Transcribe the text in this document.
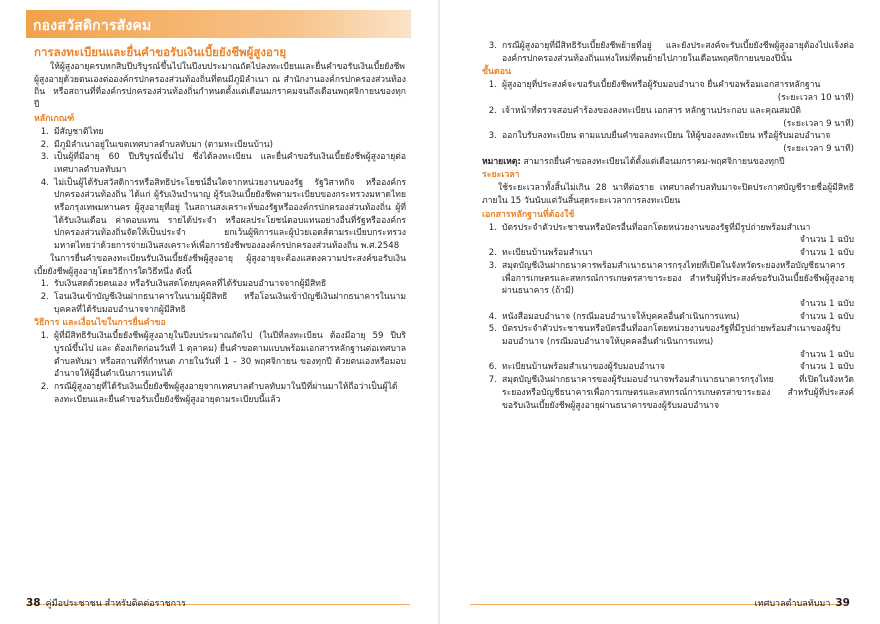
กองสวัสดิการสังคม
การลงทะเบียนและยื่นคำขอรับเงินเบี้ยยังชีพผู้สูงอายุ
ให้ผู้สูงอายุครบหกสิบปีบริบูรณ์ขึ้นไปในปีงบประมาณถัดไปลงทะเบียนและยื่นคำขอรับเงินเบี้ยยังชีพผู้สูงอายุด้วยตนเองต่อองค์กรปกครองส่วนท้องถิ่นที่ตนมีภูมิลำเนา ณ สำนักงานองค์กรปกครองส่วนท้องถิ่น หรือสถานที่ที่องค์กรปกครองส่วนท้องถิ่นกำหนดตั้งแต่เดือนมกราคมจนถึงเดือนพฤศจิกายนของทุกปี
หลักเกณฑ์
1. มีสัญชาติไทย
2. มีภูมิลำเนาอยู่ในเขตเทศบาลตำบลทับมา (ตามทะเบียนบ้าน)
3. เป็นผู้ที่มีอายุ 60 ปีบริบูรณ์ขึ้นไป ซึ่งได้ลงทะเบียน และยื่นคำขอรับเงินเบี้ยยังชีพผู้สูงอายุต่อเทศบาลตำบลทับมา
4. ไม่เป็นผู้ได้รับสวัสดิการหรือสิทธิประโยชน์อื่นใดจากหน่วยงานของรัฐ รัฐวิสาหกิจ หรือองค์กรปกครองส่วนท้องถิ่น ได้แก่ ผู้รับเงินบำนาญ ผู้รับเงินเบี้ยยังชีพตามระเบียบของกระทรวงมหาดไทย หรือกรุงเทพมหานคร ผู้สูงอายุที่อยู่ ในสถานสงเคราะห์ของรัฐหรือองค์กรปกครองส่วนท้องถิ่น ผู้ที่ได้รับเงินเดือน ค่าตอบแทน รายได้ประจำ หรือผลประโยชน์ตอบแทนอย่างอื่นที่รัฐหรือองค์กรปกครองส่วนท้องถิ่นจัดให้เป็นประจำ ยกเว้นผู้พิการและผู้ป่วยเอดส์ตามระเบียบกระทรวงมหาดไทยว่าด้วยการจ่ายเงินสงเคราะห์เพื่อการยังชีพขององค์กรปกครองส่วนท้องถิ่น พ.ศ.2548
ในการยื่นคำขอลงทะเบียนรับเงินเบี้ยยังชีพผู้สูงอายุ ผู้สูงอายุจะต้องแสดงความประสงค์ขอรับเงินเบี้ยยังชีพผู้สูงอายุโดยวิธีการใดวิธีหนึ่ง ดังนี้
1. รับเงินสดด้วยตนเอง หรือรับเงินสดโดยบุคคลที่ได้รับมอบอำนาจจากผู้มีสิทธิ
2. โอนเงินเข้าบัญชีเงินฝากธนาคารในนามผู้มีสิทธิ หรือโอนเงินเข้าบัญชีเงินฝากธนาคารในนามบุคคลที่ได้รับมอบอำนาจจากผู้มีสิทธิ
วิธีการ และเงื่อนไขในการยื่นคำขอ
1. ผู้ที่มีสิทธิรับเงินเบี้ยยังชีพผู้สูงอายุในปีงบประมาณถัดไป (ในปีที่ลงทะเบียน ต้องมีอายุ 59 ปีบริบูรณ์ขึ้นไป และ ต้องเกิดก่อนวันที่ 1 ตุลาคม) ยื่นคำขอตามแบบพร้อมเอกสารหลักฐานต่อเทศบาลตำบลทับมา หรือสถานที่ที่กำหนด ภายในวันที่ 1 – 30 พฤศจิกายน ของทุกปี ด้วยตนเองหรือมอบอำนาจให้ผู้อื่นดำเนินการแทนได้
2. กรณีผู้สูงอายุที่ได้รับเงินเบี้ยยังชีพผู้สูงอายุจากเทศบาลตำบลทับมาในปีที่ผ่านมาให้ถือว่าเป็นผู้ได้ลงทะเบียนและยื่นคำขอรับเบี้ยยังชีพผู้สูงอายุตามระเบียบนี้แล้ว
38 คู่มือประชาชน สำหรับติดต่อราชการ
3. กรณีผู้สูงอายุที่มีสิทธิรับเบี้ยยังชีพย้ายที่อยู่ และยังประสงค์จะรับเบี้ยยังชีพผู้สูงอายุต้องไปแจ้งต่อองค์กรปกครองส่วนท้องถิ่นแห่งใหม่ที่ตนย้ายไปภายในเดือนพฤศจิกายนของปีนั้น
ขั้นตอน
1. ผู้สูงอายุที่ประสงค์จะขอรับเบี้ยยังชีพหรือผู้รับมอบอำนาจ ยื่นคำขอพร้อมเอกสารหลักฐาน
(ระยะเวลา 10 นาที)
2. เจ้าหน้าที่ตรวจสอบคำร้องของลงทะเบียน เอกสาร หลักฐานประกอบ และคุณสมบัติ
(ระยะเวลา 9 นาที)
3. ออกใบรับลงทะเบียน ตามแบบยื่นคำขอลงทะเบียน ให้ผู้ของลงทะเบียน หรือผู้รับมอบอำนาจ
(ระยะเวลา 9 นาที)
หมายเหตุ: สามารถยื่นคำขอลงทะเบียนได้ตั้งแต่เดือนมกราคม-พฤศจิกายนของทุกปี
ระยะเวลา
ใช้ระยะเวลาทั้งสิ้นไม่เกิน 28 นาทีต่อราย เทศบาลตำบลทับมาจะปิดประกาศบัญชีรายชื่อผู้มีสิทธิภายใน 15 วันนับแต่วันสิ้นสุดระยะเวลาการลงทะเบียน
เอกสารหลักฐานที่ต้องใช้
1. บัตรประจำตัวประชาชนหรือบัตรอื่นที่ออกโดยหน่วยงานของรัฐที่มีรูปถ่ายพร้อมสำเนา
จำนวน 1 ฉบับ
2. ทะเบียนบ้านพร้อมสำเนา	จำนวน 1 ฉบับ
3. สมุดบัญชีเงินฝากธนาคารพร้อมสำเนาธนาคารกรุงไทยที่เปิดในจังหวัดระยองหรือบัญชีธนาคารเพื่อการเกษตรและสหกรณ์การเกษตรสาขาระยอง สำหรับผู้ที่ประสงค์ขอรับเงินเบี้ยยังชีพผู้สูงอายุผ่านธนาคาร (ถ้ามี)
จำนวน 1 ฉบับ
4. หนังสือมอบอำนาจ (กรณีมอบอำนาจให้บุคคลอื่นดำเนินการแทน)	จำนวน 1 ฉบับ
5. บัตรประจำตัวประชาชนหรือบัตรอื่นที่ออกโดยหน่วยงานของรัฐที่มีรูปถ่ายพร้อมสำเนาของผู้รับมอบอำนาจ (กรณีมอบอำนาจให้บุคคลอื่นดำเนินการแทน)
จำนวน 1 ฉบับ
6. ทะเบียนบ้านพร้อมสำเนาของผู้รับมอบอำนาจ	จำนวน 1 ฉบับ
7. สมุดบัญชีเงินฝากธนาคารของผู้รับมอบอำนาจพร้อมสำเนาธนาคารกรุงไทย ที่เปิดในจังหวัดระยองหรือบัญชีธนาคารเพื่อการเกษตรและสหกรณ์การเกษตรสาขาระยอง สำหรับผู้ที่ประสงค์ขอรับเงินเบี้ยยังชีพผู้สูงอายุผ่านธนาคารของผู้รับมอบอำนาจ
เทศบาลตำบลทับมา 39
